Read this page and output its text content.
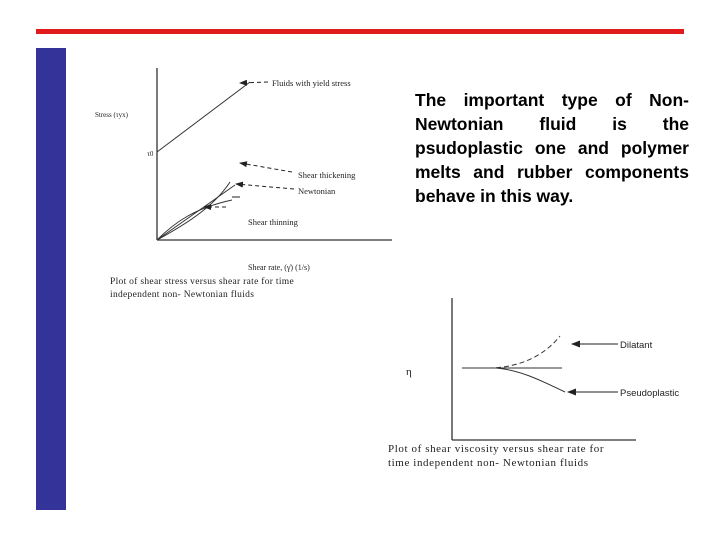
Stress (τyx)
τ0
Fluids with yield stress
Shear thickening
Newtonian
Shear thinning
Shear rate, (γ̇) (1/s)
Plot of shear stress versus shear rate for time
independent non- Newtonian fluids
The important type of Non-Newtonian fluid is the psudoplastic one and polymer melts and rubber components behave in this way.
η
Dilatant
Pseudoplastic
Plot of shear viscosity versus shear rate for
time independent non- Newtonian fluids
